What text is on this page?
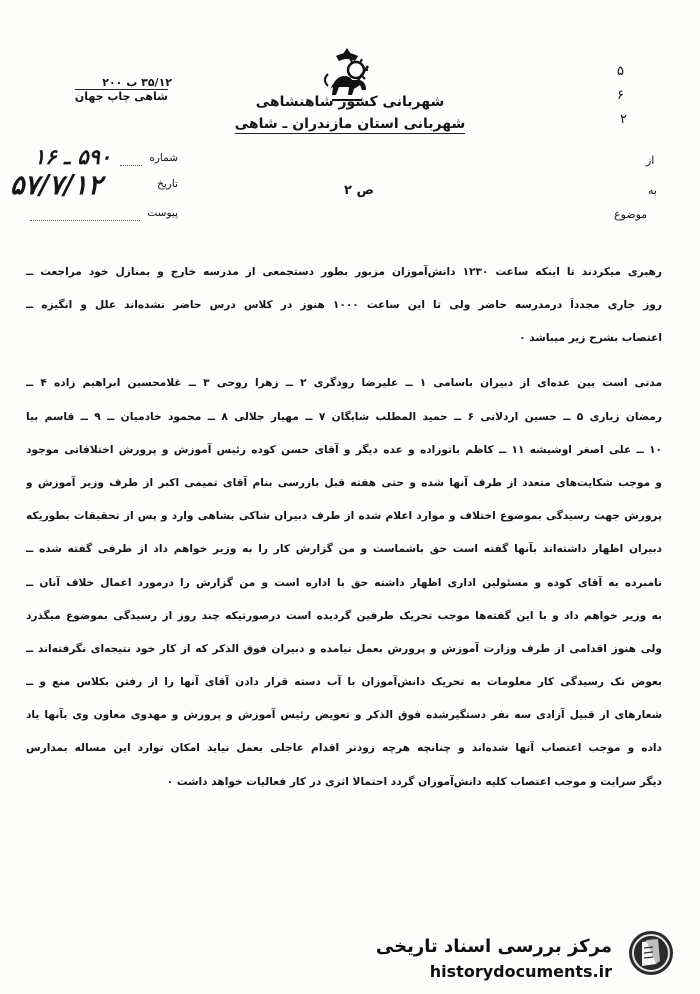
شهربانی کشور شاهنشاهی
شهربانی استان مازندران ـ شاهی
۳۵/۱۲ ب ۲۰۰
شاهی چاپ جهان
۵
۶
۲
شماره
۵۹۰ ـ ۱۶
تاریخ
۵۷/۷/۱۲
پیوست
از
به
ص ۲
موضوع
رهبری میکردند تا اینکه ساعت ۱۲۳۰ دانش‌آموزان مزبور بطور دستجمعی از مدرسه خارج و بمنازل خود مراجعت ــ
روز جاری مجدداً درمدرسه حاضر ولی تا این ساعت ۱۰۰۰ هنوز در کلاس درس حاضر نشده‌اند علل و انگیزه ــ
اعتصاب بشرح زیر میباشد ۰
مدتی است بین عده‌ای از دبیران باسامی ۱ ــ علیرضا رودگری ۲ ــ زهرا روحی ۳ ــ غلامحسین ابراهیم زاده ۴ ــ
رمضان زیاری ۵ ــ حسین اردلانی ۶ ــ حمید المطلب شایگان ۷ ــ مهیار جلالی ۸ ــ محمود خادمیان ــ ۹ ــ قاسم بیا
۱۰ ــ علی اصغر اوشیشه ۱۱ ــ کاظم باتوزاده و عده دیگر و آقای حسن کوده رئیس آموزش و پرورش اختلافاتی موجود
و موجب شکایت‌های متعدد از طرف آنها شده و حتی هفته قبل بازرسی بنام آقای تمیمی اکبر از طرف وزیر آموزش و
پرورش جهت رسیدگی بموضوع اختلاف و موارد اعلام شده از طرف دبیران شاکی بشاهی وارد و پس از تحقیقات بطوریکه
دبیران اظهار داشته‌اند بآنها گفته است حق باشماست و من گزارش کار را به وزیر خواهم داد از طرفی گفته شده ــ
نامبرده به آقای کوده و مسئولین اداری اظهار داشته حق با اداره است و من گزارش را درمورد اعمال خلاف آنان ــ
به وزیر خواهم داد و با این گفته‌ها موجب تحریک طرفین گردیده است درصورتیکه چند روز از رسیدگی بموضوع میگذرد
ولی هنوز اقدامی از طرف وزارت آموزش و پرورش بعمل نیامده و دبیران فوق الذکر که از کار خود نتیجه‌ای نگرفته‌اند ــ
بعوض تک رسیدگی کار معلومات به تحریک دانش‌آموزان با آب دسته قرار دادن آقای آنها را از رفتن بکلاس منع و ــ
شعارهای از قبیل آزادی سه نفر دستگیرشده فوق الذکر و تعویض رئیس آموزش و پرورش و مهدوی معاون وی بآنها یاد
داده و موجب اعتصاب آنها شده‌اند و چنانچه هرچه زودتر اقدام عاجلی بعمل نیاید امکان توارد این مساله بمدارس
دیگر سرایت و موجب اعتصاب کلیه دانش‌آموزان گردد احتمالا اثری در کار فعالیات خواهد داشت ۰
مرکز بررسی اسناد تاریخی
historydocuments.ir
